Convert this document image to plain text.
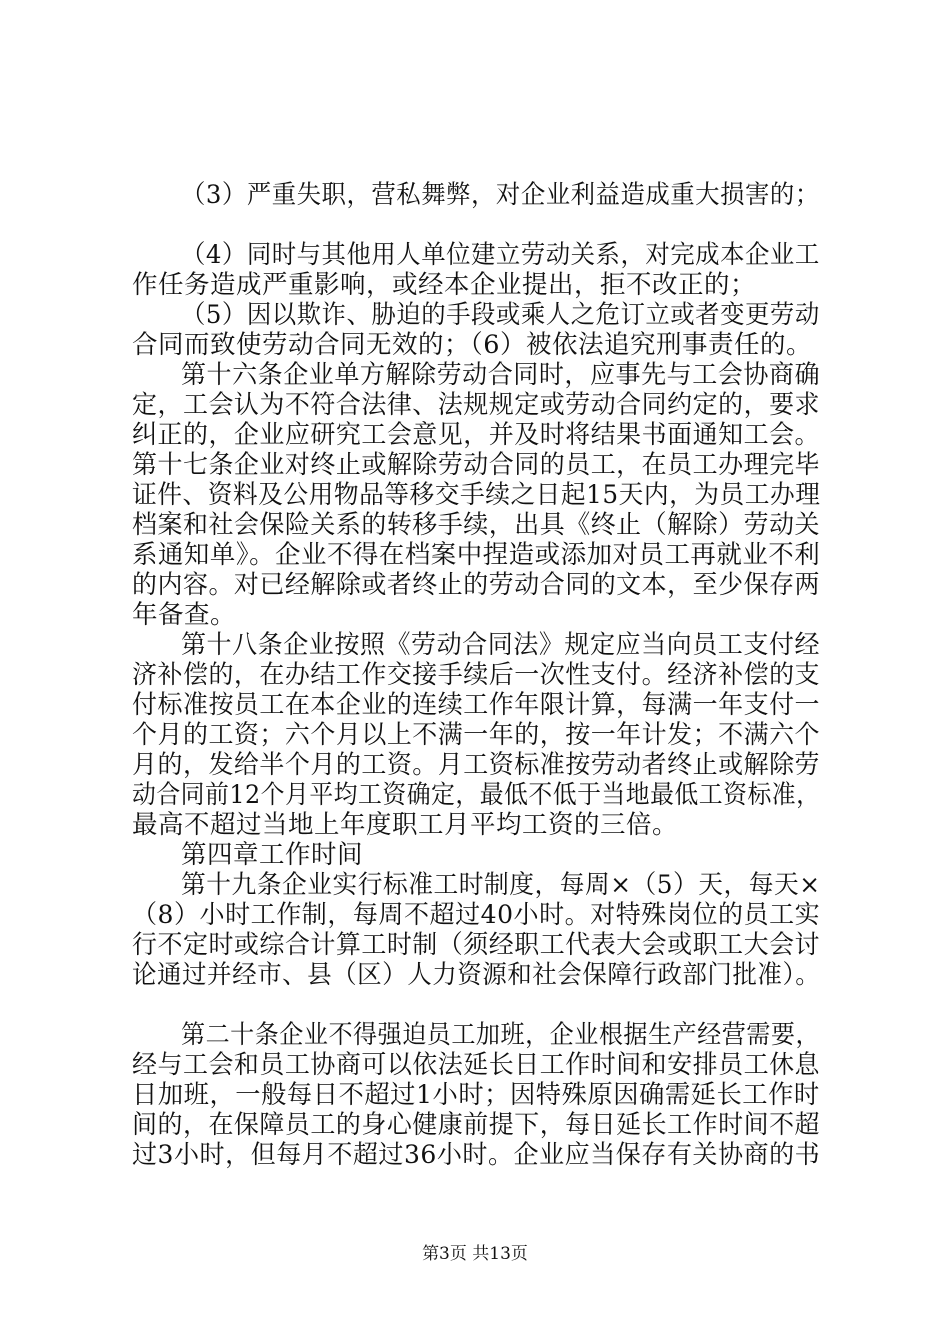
（3）严重失职，营私舞弊，对企业利益造成重大损害的；
（4）同时与其他用人单位建立劳动关系，对完成本企业工
作任务造成严重影响，或经本企业提出，拒不改正的；
（5）因以欺诈、胁迫的手段或乘人之危订立或者变更劳动
合同而致使劳动合同无效的；（6）被依法追究刑事责任的。
第十六条企业单方解除劳动合同时，应事先与工会协商确
定，工会认为不符合法律、法规规定或劳动合同约定的，要求
纠正的，企业应研究工会意见，并及时将结果书面通知工会。
第十七条企业对终止或解除劳动合同的员工，在员工办理完毕
证件、资料及公用物品等移交手续之日起15天内，为员工办理
档案和社会保险关系的转移手续，出具《终止（解除）劳动关
系通知单》。企业不得在档案中捏造或添加对员工再就业不利
的内容。对已经解除或者终止的劳动合同的文本，至少保存两
年备查。
第十八条企业按照《劳动合同法》规定应当向员工支付经
济补偿的，在办结工作交接手续后一次性支付。经济补偿的支
付标准按员工在本企业的连续工作年限计算，每满一年支付一
个月的工资；六个月以上不满一年的，按一年计发；不满六个
月的，发给半个月的工资。月工资标准按劳动者终止或解除劳
动合同前12个月平均工资确定，最低不低于当地最低工资标准，
最高不超过当地上年度职工月平均工资的三倍。
第四章工作时间
第十九条企业实行标准工时制度，每周×（5）天，每天×
（8）小时工作制，每周不超过40小时。对特殊岗位的员工实
行不定时或综合计算工时制（须经职工代表大会或职工大会讨
论通过并经市、县（区）人力资源和社会保障行政部门批准）。
第二十条企业不得强迫员工加班，企业根据生产经营需要，
经与工会和员工协商可以依法延长日工作时间和安排员工休息
日加班，一般每日不超过1小时；因特殊原因确需延长工作时
间的，在保障员工的身心健康前提下，每日延长工作时间不超
过3小时，但每月不超过36小时。企业应当保存有关协商的书
第3页 共13页
